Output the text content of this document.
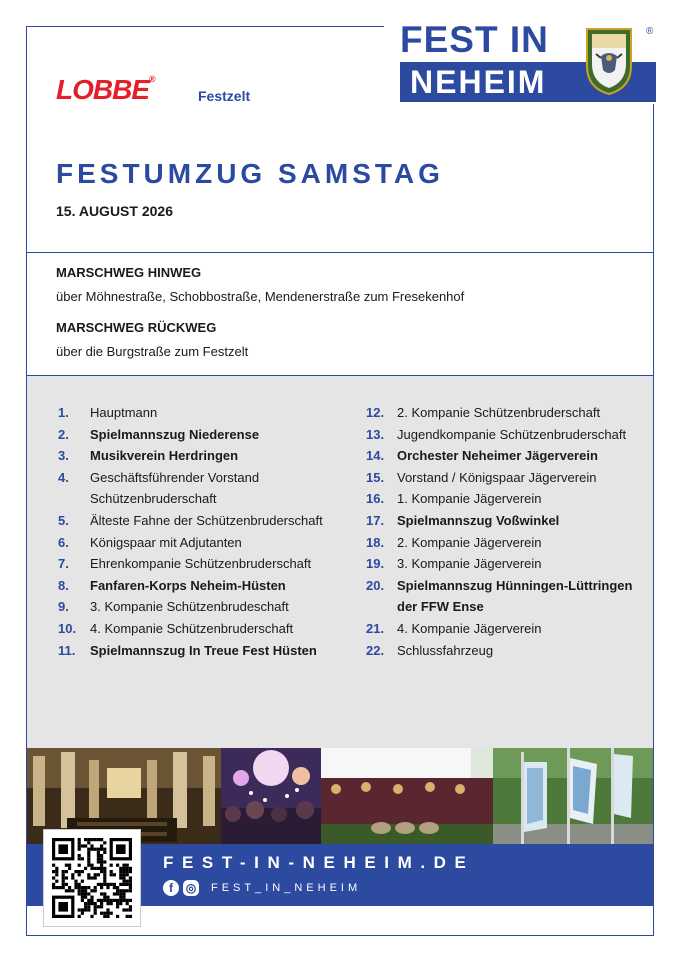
FEST IN
NEHEIM
®
LOBBE®
Festzelt
FESTUMZUG SAMSTAG
15. AUGUST 2026
MARSCHWEG HINWEG
über Möhnestraße, Schobbostraße, Mendenerstraße zum Fresekenhof
MARSCHWEG RÜCKWEG
über die Burgstraße zum Festzelt
1.	Hauptmann
2.	Spielmannszug Niederense
3.	Musikverein Herdringen
4.	Geschäftsführender Vorstand
Schützenbruderschaft
5.	Älteste Fahne der Schützenbruderschaft
6.	Königspaar mit Adjutanten
7.	Ehrenkompanie Schützenbruderschaft
8.	Fanfaren-Korps Neheim-Hüsten
9.	3. Kompanie Schützenbrudeschaft
10.	4. Kompanie Schützenbruderschaft
11.	Spielmannszug In Treue Fest Hüsten
12. 2. Kompanie Schützenbruderschaft
13. Jugendkompanie Schützenbruderschaft
14. Orchester Neheimer Jägerverein
15. Vorstand / Königspaar Jägerverein
16. 1. Kompanie Jägerverein
17. Spielmannszug Voßwinkel
18. 2. Kompanie Jägerverein
19. 3. Kompanie Jägerverein
20. Spielmannszug Hünningen-Lüttringen
der FFW Ense
21. 4. Kompanie Jägerverein
22. Schlussfahrzeug
FEST-IN-NEHEIM.DE
f	◎ FEST_IN_NEHEIM
